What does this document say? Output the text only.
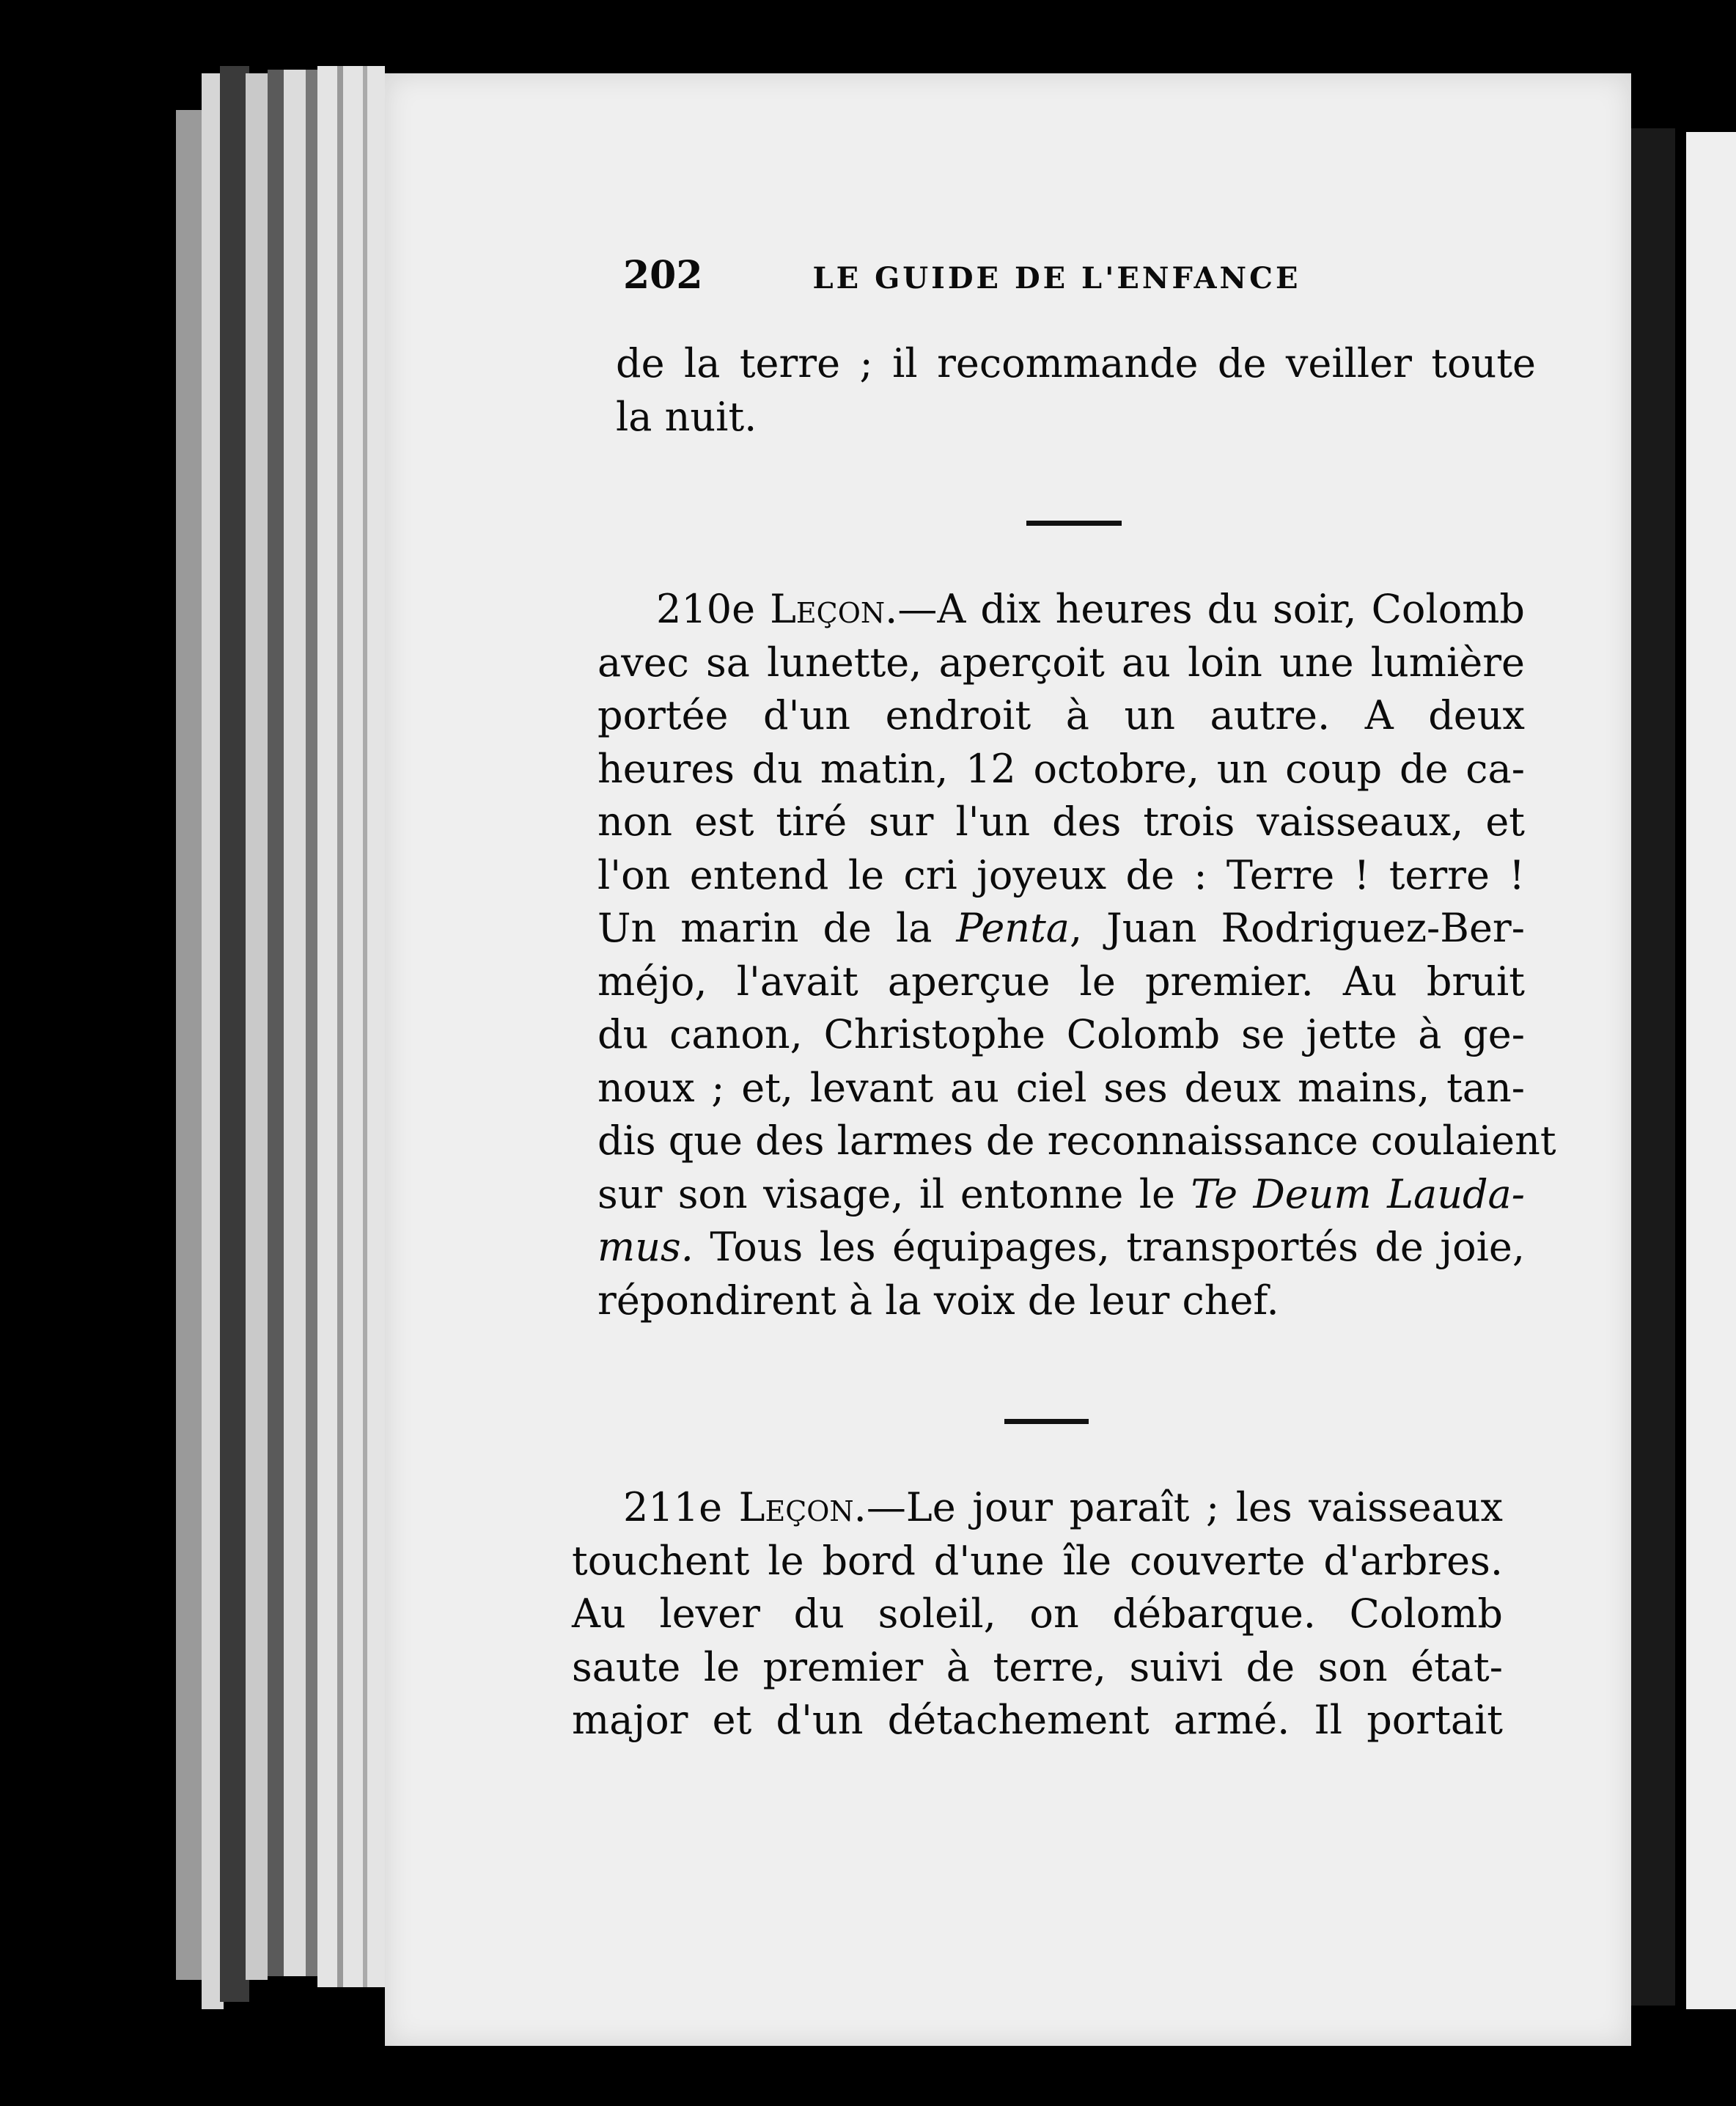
202	LE GUIDE DE L'ENFANCE
de la terre ; il recommande de veiller toute
la nuit.
210e Leçon.—A dix heures du soir, Colomb
avec sa lunette, aperçoit au loin une lumière
portée d'un endroit à un autre. A deux
heures du matin, 12 octobre, un coup de ca-
non est tiré sur l'un des trois vaisseaux, et
l'on entend le cri joyeux de : Terre ! terre !
Un marin de la Penta, Juan Rodriguez-Ber-
méjo, l'avait aperçue le premier. Au bruit
du canon, Christophe Colomb se jette à ge-
noux ; et, levant au ciel ses deux mains, tan-
dis que des larmes de reconnaissance coulaient
sur son visage, il entonne le Te Deum Lauda-
mus. Tous les équipages, transportés de joie,
répondirent à la voix de leur chef.
211e Leçon.—Le jour paraît ; les vaisseaux
touchent le bord d'une île couverte d'arbres.
Au lever du soleil, on débarque. Colomb
saute le premier à terre, suivi de son état-
major et d'un détachement armé. Il portait
